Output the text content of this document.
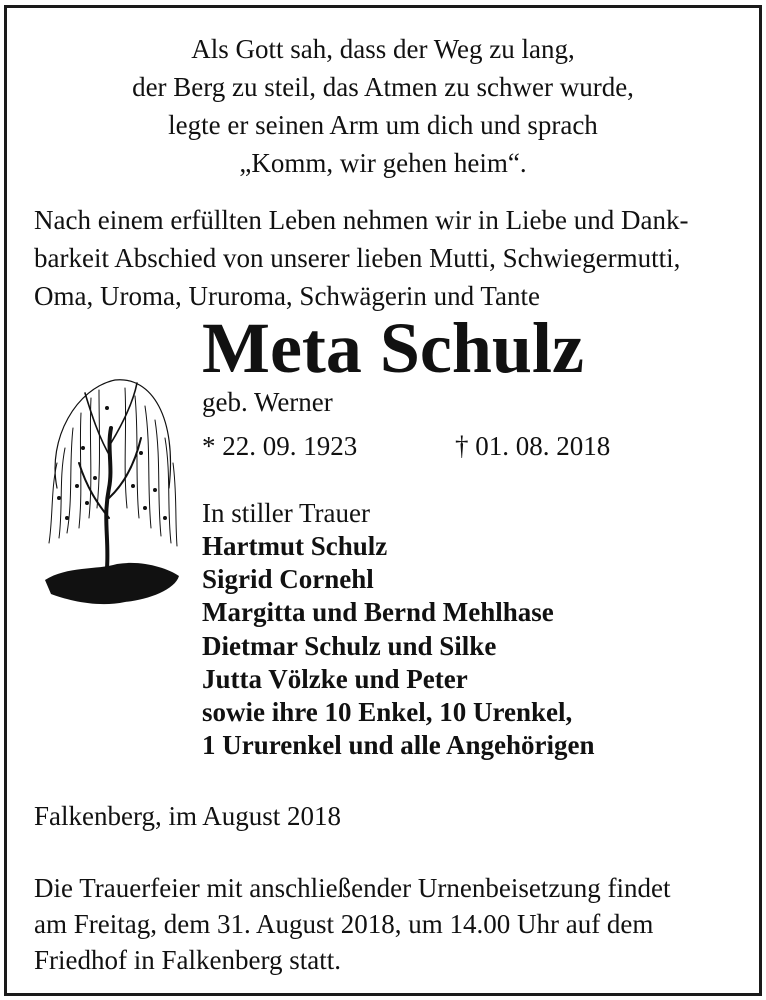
Als Gott sah, dass der Weg zu lang,
der Berg zu steil, das Atmen zu schwer wurde,
legte er seinen Arm um dich und sprach
„Komm, wir gehen heim“.
Nach einem erfüllten Leben nehmen wir in Liebe und Dank-
barkeit Abschied von unserer lieben Mutti, Schwiegermutti,
Oma, Uroma, Ururoma, Schwägerin und Tante
Meta Schulz
geb. Werner
* 22. 09. 1923	† 01. 08. 2018
In stiller Trauer
Hartmut Schulz
Sigrid Cornehl
Margitta und Bernd Mehlhase
Dietmar Schulz und Silke
Jutta Völzke und Peter
sowie ihre 10 Enkel, 10 Urenkel,
1 Ururenkel und alle Angehörigen
Falkenberg, im August 2018
Die Trauerfeier mit anschließender Urnenbeisetzung findet
am Freitag, dem 31. August 2018, um 14.00 Uhr auf dem
Friedhof in Falkenberg statt.
